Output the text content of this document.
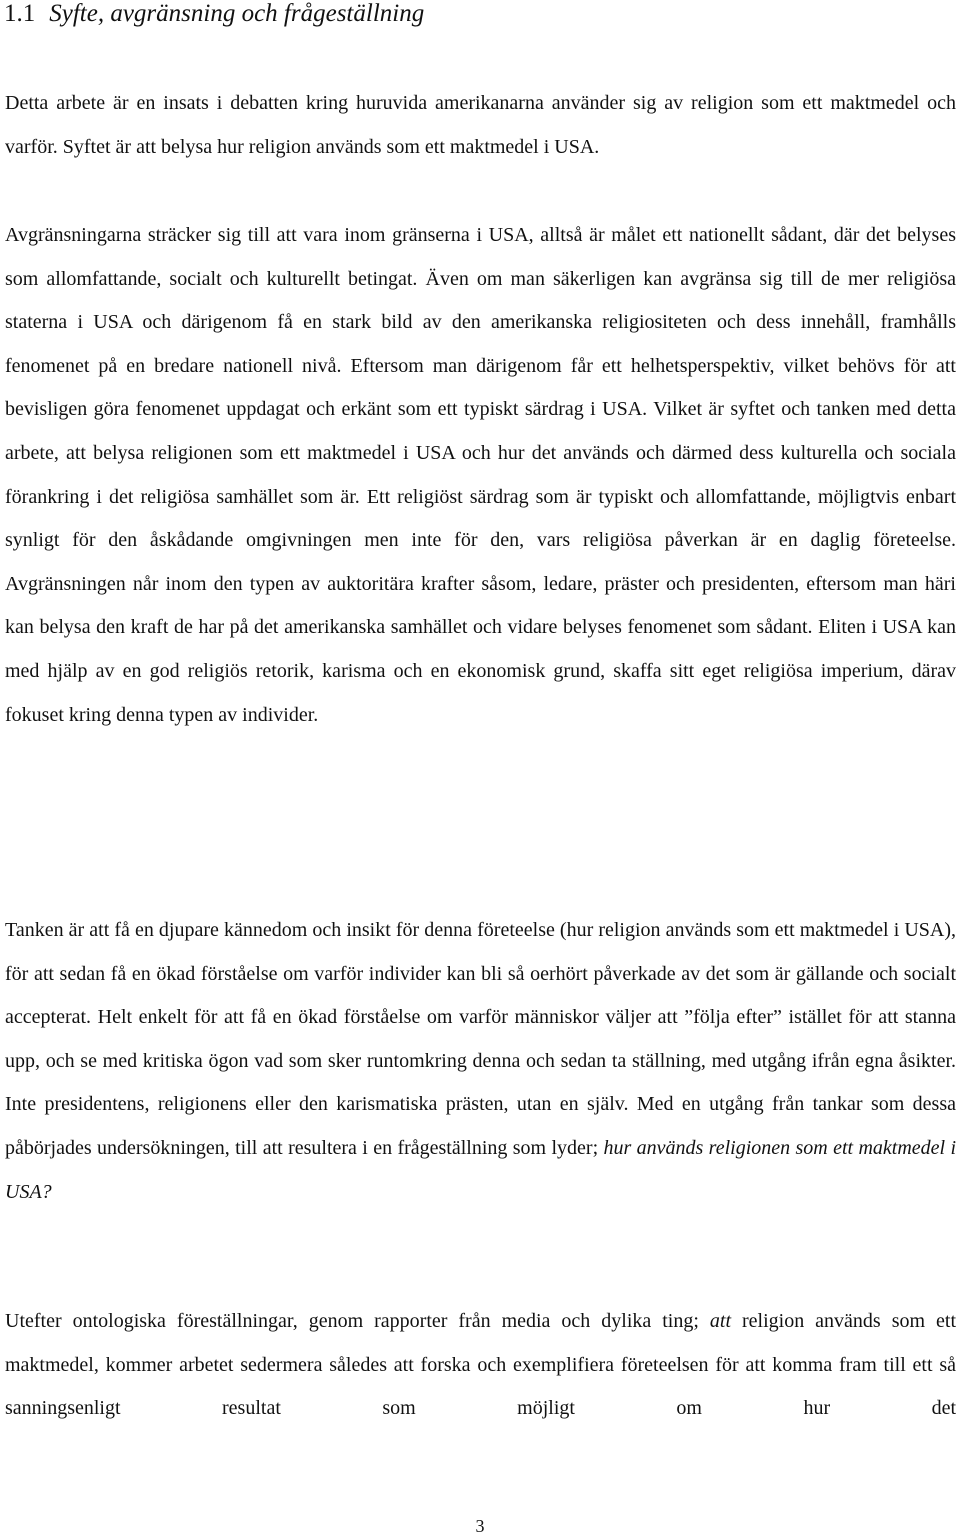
1.1 Syfte, avgränsning och frågeställning

Detta arbete är en insats i debatten kring huruvida amerikanarna använder sig av religion som ett maktmedel och varför. Syftet är att belysa hur religion används som ett maktmedel i USA.

Avgränsningarna sträcker sig till att vara inom gränserna i USA, alltså är målet ett nationellt sådant, där det belyses som allomfattande, socialt och kulturellt betingat. Även om man säkerligen kan avgränsa sig till de mer religiösa staterna i USA och därigenom få en stark bild av den amerikanska religiositeten och dess innehåll, framhålls fenomenet på en bredare nationell nivå. Eftersom man därigenom får ett helhetsperspektiv, vilket behövs för att bevisligen göra fenomenet uppdagat och erkänt som ett typiskt särdrag i USA. Vilket är syftet och tanken med detta arbete, att belysa religionen som ett maktmedel i USA och hur det används och därmed dess kulturella och sociala förankring i det religiösa samhället som är. Ett religiöst särdrag som är typiskt och allomfattande, möjligtvis enbart synligt för den åskådande omgivningen men inte för den, vars religiösa påverkan är en daglig företeelse. Avgränsningen når inom den typen av auktoritära krafter såsom, ledare, präster och presidenten, eftersom man häri kan belysa den kraft de har på det amerikanska samhället och vidare belyses fenomenet som sådant. Eliten i USA kan med hjälp av en god religiös retorik, karisma och en ekonomisk grund, skaffa sitt eget religiösa imperium, därav fokuset kring denna typen av individer.

Tanken är att få en djupare kännedom och insikt för denna företeelse (hur religion används som ett maktmedel i USA), för att sedan få en ökad förståelse om varför individer kan bli så oerhört påverkade av det som är gällande och socialt accepterat. Helt enkelt för att få en ökad förståelse om varför människor väljer att ”följa efter” istället för att stanna upp, och se med kritiska ögon vad som sker runtomkring denna och sedan ta ställning, med utgång ifrån egna åsikter. Inte presidentens, religionens eller den karismatiska prästen, utan en själv. Med en utgång från tankar som dessa påbörjades undersökningen, till att resultera i en frågeställning som lyder; hur används religionen som ett maktmedel i USA?

Utefter ontologiska föreställningar, genom rapporter från media och dylika ting; att religion används som ett maktmedel, kommer arbetet sedermera således att forska och exemplifiera företeelsen för att komma fram till ett så sanningsenligt resultat som möjligt om hur det

3
